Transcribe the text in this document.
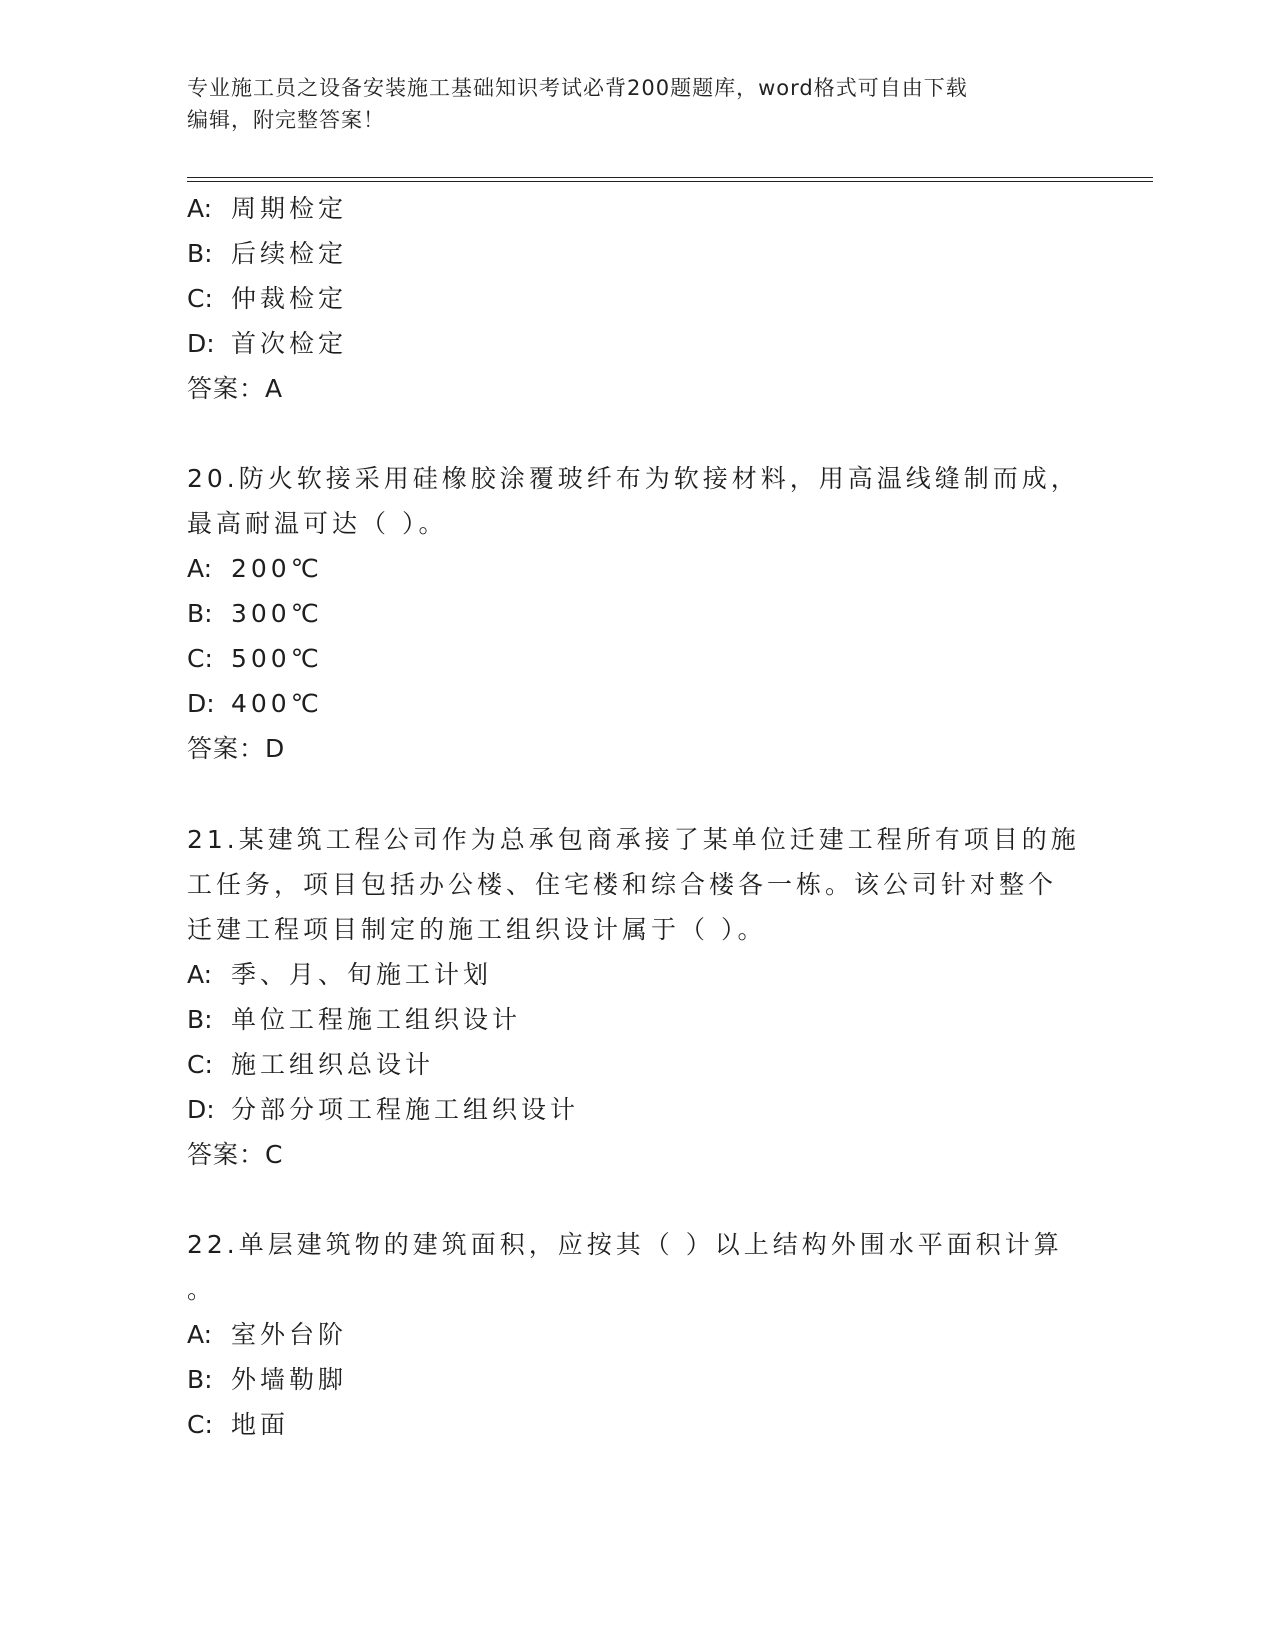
专业施工员之设备安装施工基础知识考试必背200题题库，word格式可自由下载
编辑，附完整答案！
A: 周期检定
B: 后续检定
C: 仲裁检定
D: 首次检定
答案：A
20.防火软接采用硅橡胶涂覆玻纤布为软接材料，用高温线缝制而成，
最高耐温可达（ ）。
A: 200℃
B: 300℃
C: 500℃
D: 400℃
答案：D
21.某建筑工程公司作为总承包商承接了某单位迁建工程所有项目的施
工任务，项目包括办公楼、住宅楼和综合楼各一栋。该公司针对整个
迁建工程项目制定的施工组织设计属于（ ）。
A: 季、月、旬施工计划
B: 单位工程施工组织设计
C: 施工组织总设计
D: 分部分项工程施工组织设计
答案：C
22.单层建筑物的建筑面积，应按其（ ）以上结构外围水平面积计算
。
A: 室外台阶
B: 外墙勒脚
C: 地面
